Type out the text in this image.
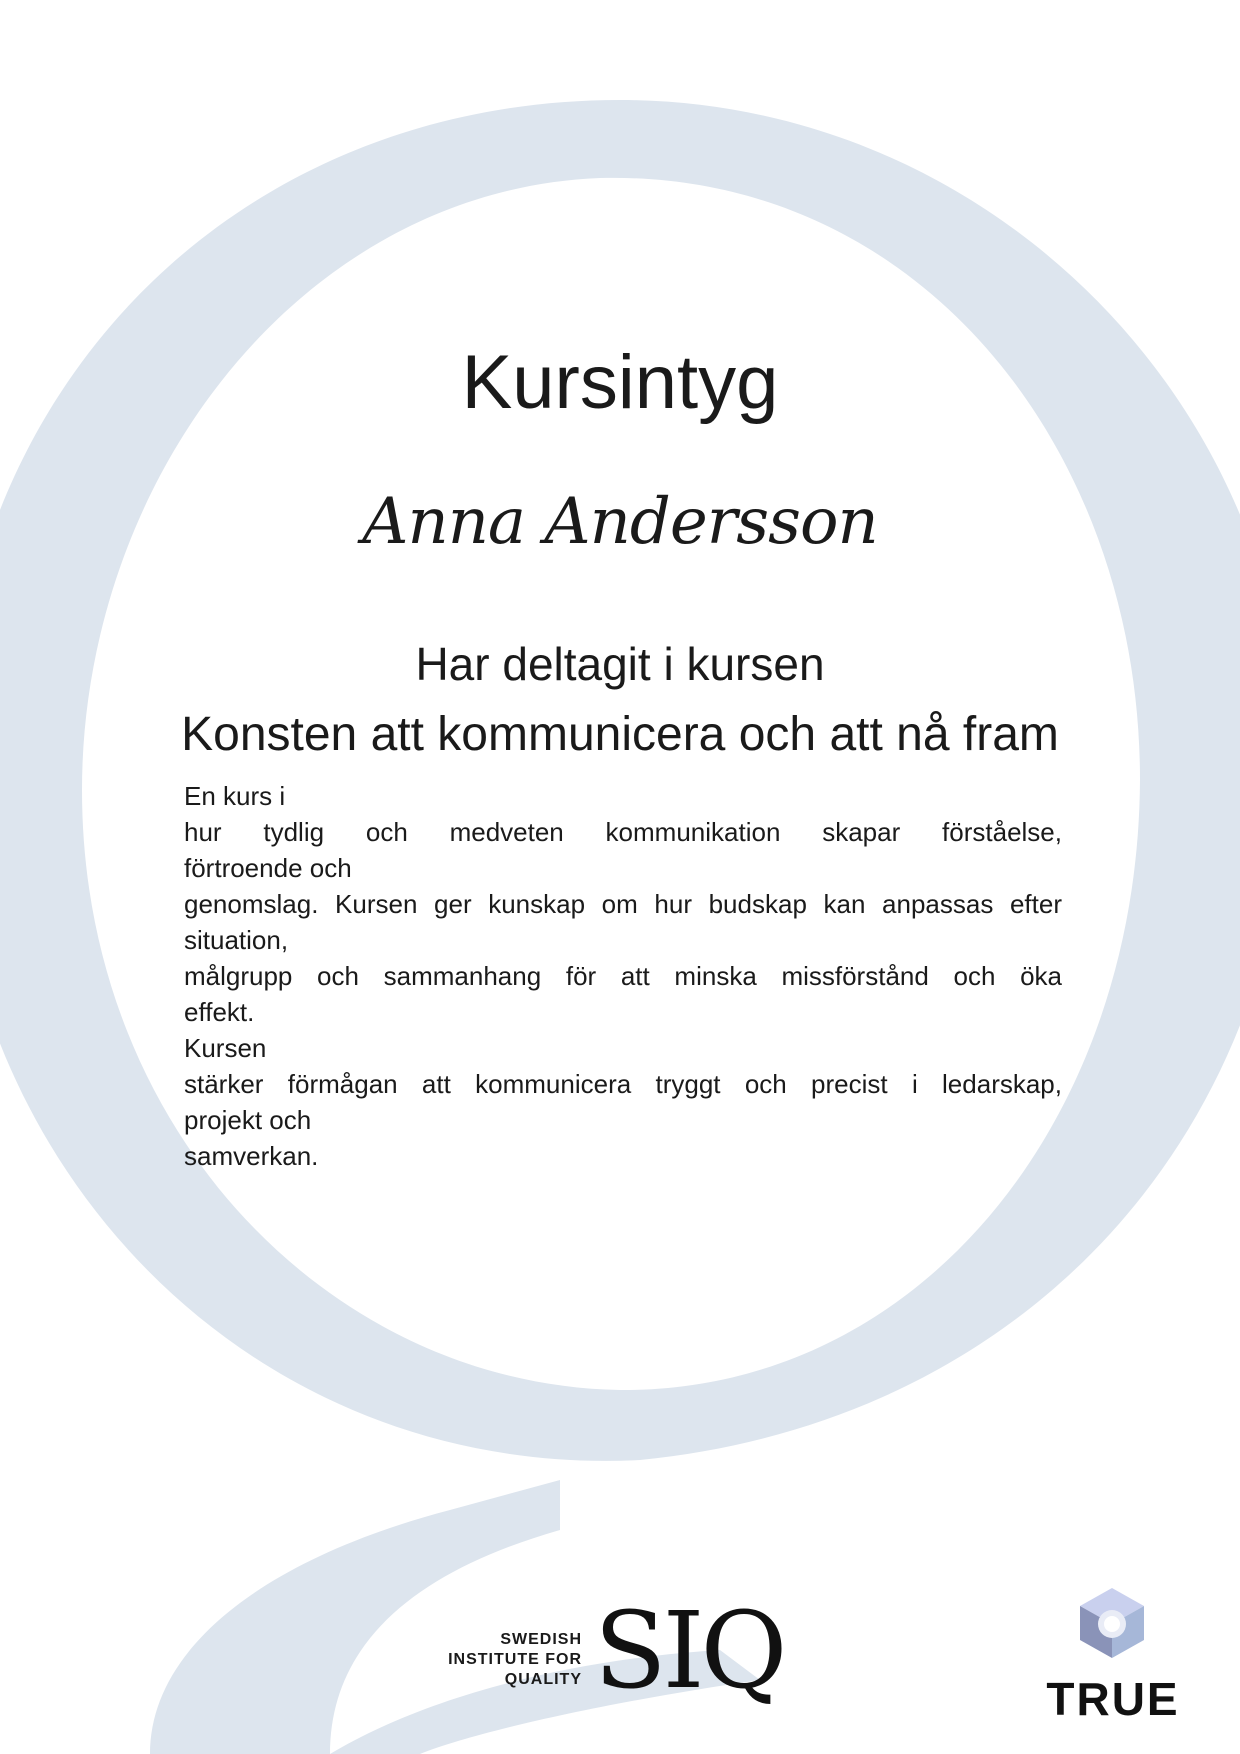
Kursintyg
Anna Andersson
Har deltagit i kursen
Konsten att kommunicera och att nå fram
En kurs i
hur tydlig och medveten kommunikation skapar förståelse,
förtroende och
genomslag. Kursen ger kunskap om hur budskap kan anpassas efter
situation,
målgrupp och sammanhang för att minska missförstånd och öka
effekt.
Kursen
stärker förmågan att kommunicera tryggt och precist i ledarskap,
projekt och
samverkan.
SWEDISH
INSTITUTE FOR
QUALITY SIQ	TRUE
